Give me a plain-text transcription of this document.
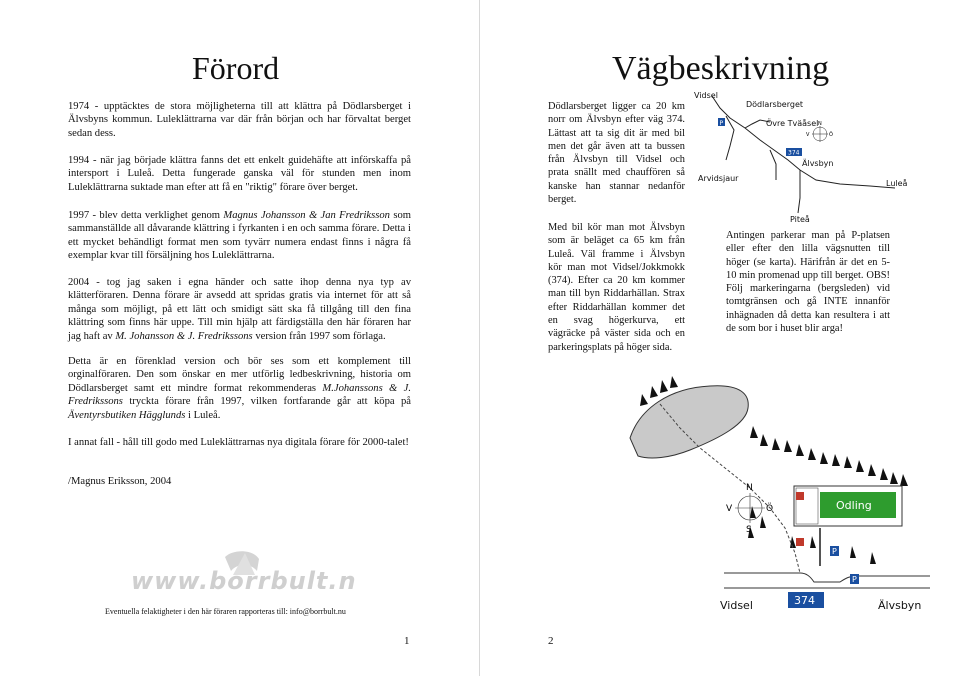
Förord
1974 - upptäcktes de stora möjligheterna till att klättra på Dödlarsberget i Älvsbyns kommun. Luleklättrarna var där från början och har förvaltat berget sedan dess.
1994 - när jag började klättra fanns det ett enkelt guidehäfte att införskaffa på intersport i Luleå. Detta fungerade ganska väl för stunden men inom Luleklättrarna suktade man efter att få en "riktig" förare över berget.
1997 - blev detta verklighet genom Magnus Johansson & Jan Fredriksson som sammanställde all dåvarande klättring i fyrkanten i en och samma förare. Detta i ett mycket behändligt format men som tyvärr numera endast finns i några få exemplar kvar till försäljning hos Luleklättrarna.
2004 - tog jag saken i egna händer och satte ihop denna nya typ av klätterföraren. Denna förare är avsedd att spridas gratis via internet för att så många som möjligt, på ett lätt och smidigt sätt ska få tillgång till den fina klättring som finns här uppe. Till min hjälp att färdigställa den här föraren har jag haft av M. Johansson & J. Fredrikssons version från 1997 som förlaga.
Detta är en förenklad version och bör ses som ett komplement till orginalföraren. Den som önskar en mer utförlig ledbeskrivning, historia om Dödlarsberget samt ett mindre format rekommenderas M.Johanssons & J. Fredrikssons tryckta förare från 1997, vilken fortfarande går att köpa på Äventyrsbutiken Hägglunds i Luleå.
I annat fall - håll till godo med Luleklättrarnas nya digitala förare för 2000-talet!
/Magnus Eriksson, 2004
www.borrbult.nu
Eventuella felaktigheter i den här föraren rapporteras till: info@borrbult.nu
1
Vägbeskrivning
Dödlarsberget ligger ca 20 km norr om Älvsbyn efter väg 374. Lättast att ta sig dit är med bil men det går även att ta bussen från Älvsbyn till Vidsel och prata snällt med chauffören så kanske han stannar nedanför berget.
Med bil kör man mot Älvsbyn som är beläget ca 65 km från Luleå. Väl framme i Älvsbyn kör man mot Vidsel/Jokkmokk (374). Efter ca 20 km kommer man till byn Riddarhällan. Strax efter Riddarhällan kommer det en svag högerkurva, ett vägräcke på väster sida och en parkeringsplats på höger sida.
Antingen parkerar man på P-platsen eller efter den lilla vägsnutten till höger (se karta). Härifrån är det en 5-10 min promenad upp till berget. OBS! Följ markeringarna (bergsleden) vid tomtgränsen och gå INTE innanför inhägnaden då detta kan resultera i att de som bor i huset blir arga!
Vidsel
Dödlarsberget
Övre Tväåsel
Arvidsjaur
Älvsbyn
Luleå
Piteå
P
374
N
V	Ö
Odling
P
P
374
Vidsel	Älvsbyn
N
V	Ö
S
2
